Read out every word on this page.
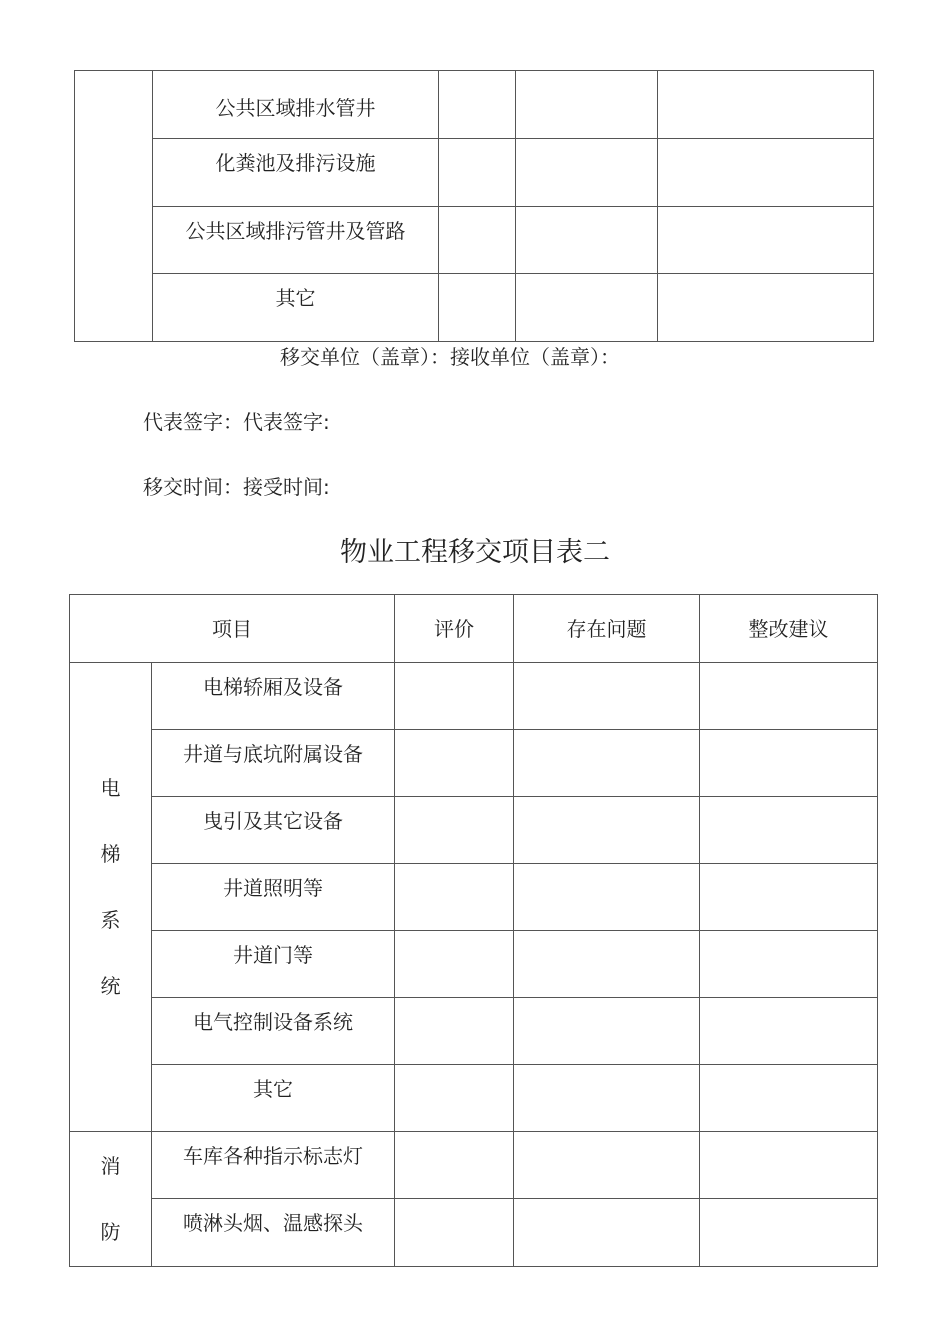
	公共区域排水管井			
	化粪池及排污设施			
	公共区域排污管井及管路			
	其它			
移交单位（盖章）：接收单位（盖章）：
代表签字：代表签字:
移交时间：接受时间:
物业工程移交项目表二
项目		评价	存在问题	整改建议

电
梯
系
统	电梯轿厢及设备			
	井道与底坑附属设备			
	曳引及其它设备			
	井道照明等			
	井道门等			
	电气控制设备系统			
	其它			

消
防	车库各种指示标志灯			
	喷淋头烟、温感探头			
